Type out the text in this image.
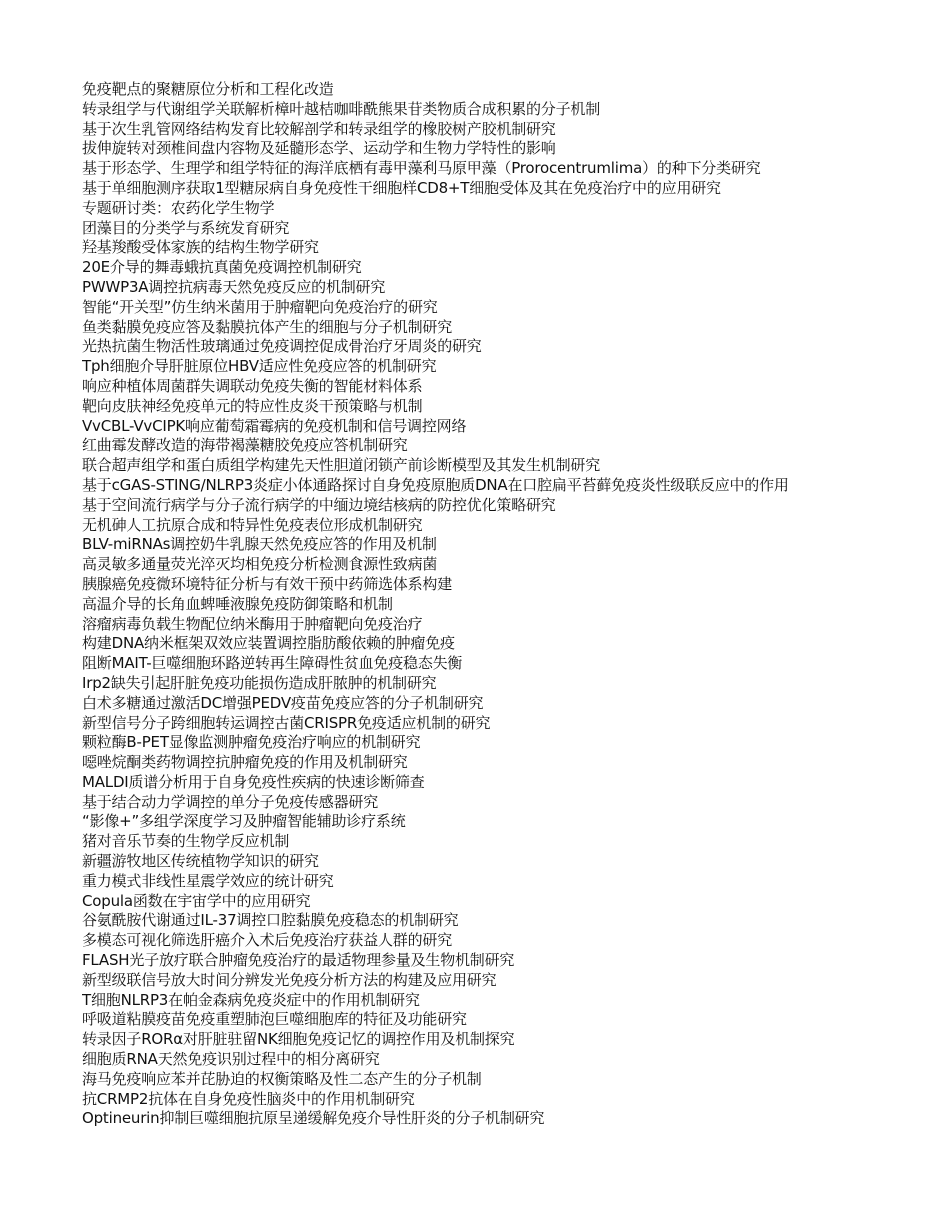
免疫靶点的聚糖原位分析和工程化改造
转录组学与代谢组学关联解析樟叶越桔咖啡酰熊果苷类物质合成积累的分子机制
基于次生乳管网络结构发育比较解剖学和转录组学的橡胶树产胶机制研究
拔伸旋转对颈椎间盘内容物及延髓形态学、运动学和生物力学特性的影响
基于形态学、生理学和组学特征的海洋底栖有毒甲藻利马原甲藻（Prorocentrumlima）的种下分类研究
基于单细胞测序获取1型糖尿病自身免疫性干细胞样CD8+T细胞受体及其在免疫治疗中的应用研究
专题研讨类：农药化学生物学
团藻目的分类学与系统发育研究
羟基羧酸受体家族的结构生物学研究
20E介导的舞毒蛾抗真菌免疫调控机制研究
PWWP3A调控抗病毒天然免疫反应的机制研究
智能“开关型”仿生纳米菌用于肿瘤靶向免疫治疗的研究
鱼类黏膜免疫应答及黏膜抗体产生的细胞与分子机制研究
光热抗菌生物活性玻璃通过免疫调控促成骨治疗牙周炎的研究
Tph细胞介导肝脏原位HBV适应性免疫应答的机制研究
响应种植体周菌群失调联动免疫失衡的智能材料体系
靶向皮肤神经免疫单元的特应性皮炎干预策略与机制
VvCBL-VvCIPK响应葡萄霜霉病的免疫机制和信号调控网络
红曲霉发酵改造的海带褐藻糖胶免疫应答机制研究
联合超声组学和蛋白质组学构建先天性胆道闭锁产前诊断模型及其发生机制研究
基于cGAS-STING/NLRP3炎症小体通路探讨自身免疫原胞质DNA在口腔扁平苔藓免疫炎性级联反应中的作用
基于空间流行病学与分子流行病学的中缅边境结核病的防控优化策略研究
无机砷人工抗原合成和特异性免疫表位形成机制研究
BLV-miRNAs调控奶牛乳腺天然免疫应答的作用及机制
高灵敏多通量荧光淬灭均相免疫分析检测食源性致病菌
胰腺癌免疫微环境特征分析与有效干预中药筛选体系构建
高温介导的长角血蜱唾液腺免疫防御策略和机制
溶瘤病毒负载生物配位纳米酶用于肿瘤靶向免疫治疗
构建DNA纳米框架双效应装置调控脂肪酸依赖的肿瘤免疫
阻断MAIT-巨噬细胞环路逆转再生障碍性贫血免疫稳态失衡
Irp2缺失引起肝脏免疫功能损伤造成肝脓肿的机制研究
白术多糖通过激活DC增强PEDV疫苗免疫应答的分子机制研究
新型信号分子跨细胞转运调控古菌CRISPR免疫适应机制的研究
颗粒酶B-PET显像监测肿瘤免疫治疗响应的机制研究
噁唑烷酮类药物调控抗肿瘤免疫的作用及机制研究
MALDI质谱分析用于自身免疫性疾病的快速诊断筛查
基于结合动力学调控的单分子免疫传感器研究
“影像+”多组学深度学习及肿瘤智能辅助诊疗系统
猪对音乐节奏的生物学反应机制
新疆游牧地区传统植物学知识的研究
重力模式非线性星震学效应的统计研究
Copula函数在宇宙学中的应用研究
谷氨酰胺代谢通过IL-37调控口腔黏膜免疫稳态的机制研究
多模态可视化筛选肝癌介入术后免疫治疗获益人群的研究
FLASH光子放疗联合肿瘤免疫治疗的最适物理参量及生物机制研究
新型级联信号放大时间分辨发光免疫分析方法的构建及应用研究
T细胞NLRP3在帕金森病免疫炎症中的作用机制研究
呼吸道粘膜疫苗免疫重塑肺泡巨噬细胞库的特征及功能研究
转录因子RORα对肝脏驻留NK细胞免疫记忆的调控作用及机制探究
细胞质RNA天然免疫识别过程中的相分离研究
海马免疫响应苯并芘胁迫的权衡策略及性二态产生的分子机制
抗CRMP2抗体在自身免疫性脑炎中的作用机制研究
Optineurin抑制巨噬细胞抗原呈递缓解免疫介导性肝炎的分子机制研究
